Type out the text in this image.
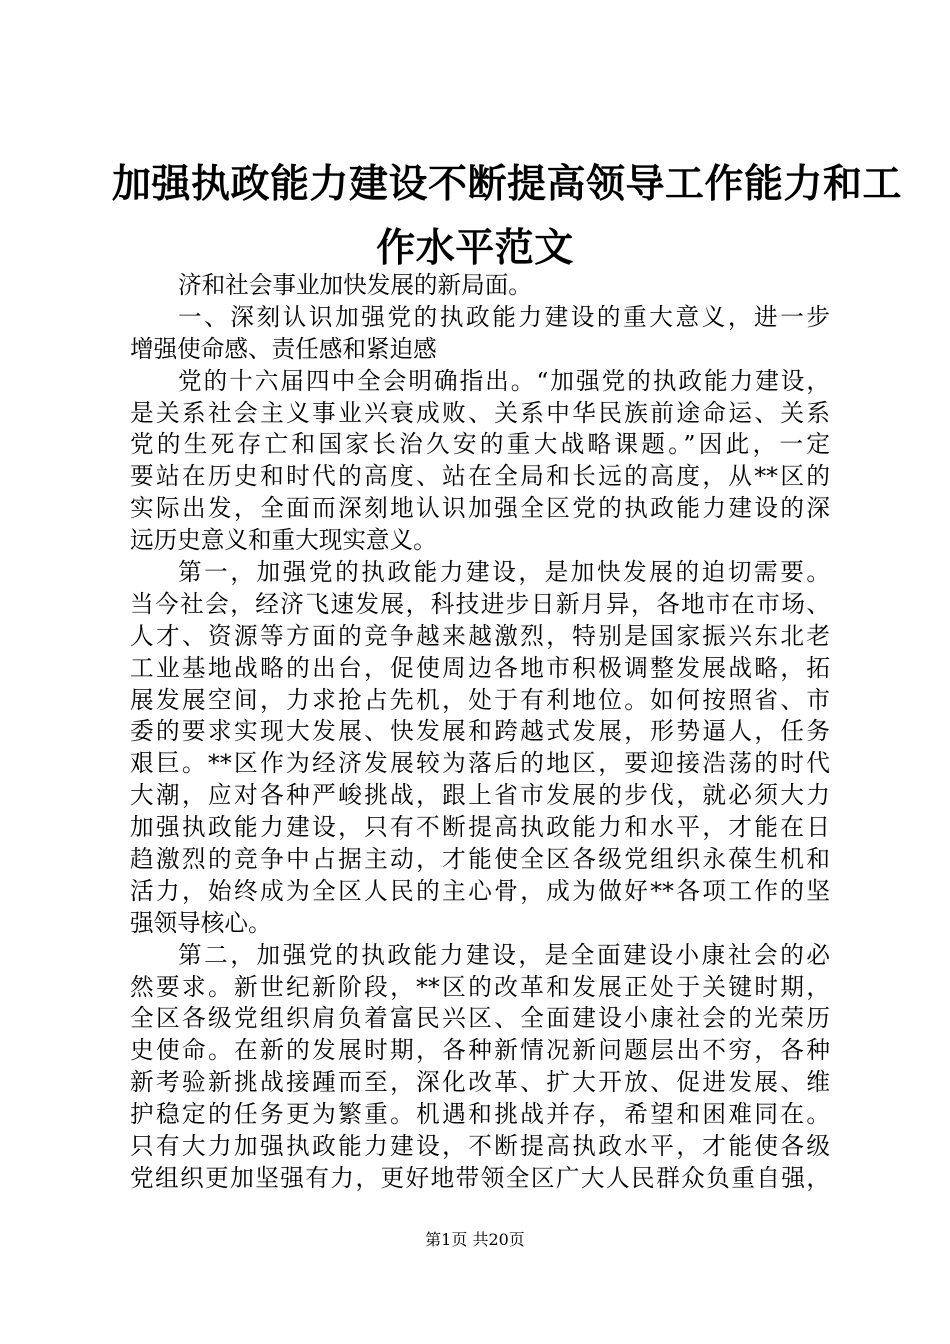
加强执政能力建设不断提高领导工作能力和工
作水平范文
济和社会事业加快发展的新局面。
一、深刻认识加强党的执政能力建设的重大意义，进一步
增强使命感、责任感和紧迫感
党的十六届四中全会明确指出。“加强党的执政能力建设，
是关系社会主义事业兴衰成败、关系中华民族前途命运、关系
党的生死存亡和国家长治久安的重大战略课题。”因此，一定
要站在历史和时代的高度、站在全局和长远的高度，从**区的
实际出发，全面而深刻地认识加强全区党的执政能力建设的深
远历史意义和重大现实意义。
第一，加强党的执政能力建设，是加快发展的迫切需要。
当今社会，经济飞速发展，科技进步日新月异，各地市在市场、
人才、资源等方面的竞争越来越激烈，特别是国家振兴东北老
工业基地战略的出台，促使周边各地市积极调整发展战略，拓
展发展空间，力求抢占先机，处于有利地位。如何按照省、市
委的要求实现大发展、快发展和跨越式发展，形势逼人，任务
艰巨。**区作为经济发展较为落后的地区，要迎接浩荡的时代
大潮，应对各种严峻挑战，跟上省市发展的步伐，就必须大力
加强执政能力建设，只有不断提高执政能力和水平，才能在日
趋激烈的竞争中占据主动，才能使全区各级党组织永葆生机和
活力，始终成为全区人民的主心骨，成为做好**各项工作的坚
强领导核心。
第二，加强党的执政能力建设，是全面建设小康社会的必
然要求。新世纪新阶段，**区的改革和发展正处于关键时期，
全区各级党组织肩负着富民兴区、全面建设小康社会的光荣历
史使命。在新的发展时期，各种新情况新问题层出不穷，各种
新考验新挑战接踵而至，深化改革、扩大开放、促进发展、维
护稳定的任务更为繁重。机遇和挑战并存，希望和困难同在。
只有大力加强执政能力建设，不断提高执政水平，才能使各级
党组织更加坚强有力，更好地带领全区广大人民群众负重自强，
第1页 共20页
